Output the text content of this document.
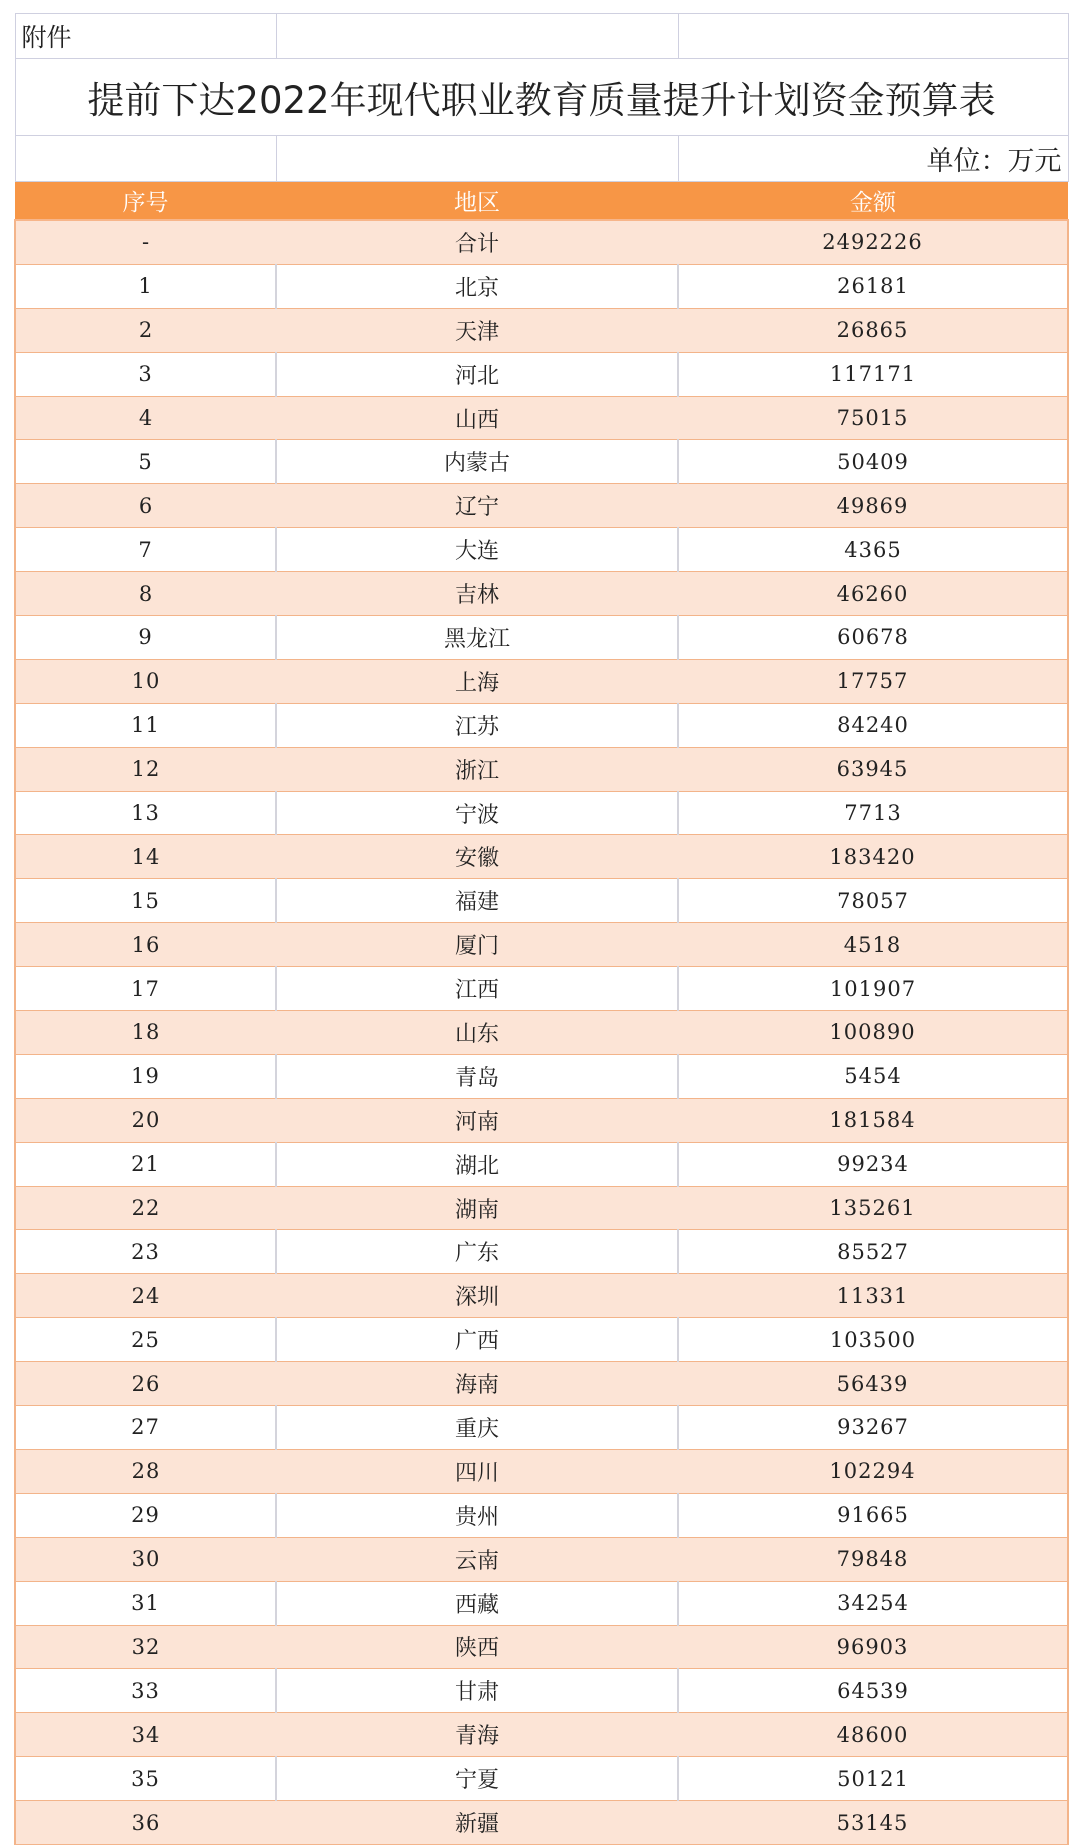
附件		
提前下达2022年现代职业教育质量提升计划资金预算表		
		单位：万元
序号	地区	金额
-	合计	2492226
1	北京	26181
2	天津	26865
3	河北	117171
4	山西	75015
5	内蒙古	50409
6	辽宁	49869
7	大连	4365
8	吉林	46260
9	黑龙江	60678
10	上海	17757
11	江苏	84240
12	浙江	63945
13	宁波	7713
14	安徽	183420
15	福建	78057
16	厦门	4518
17	江西	101907
18	山东	100890
19	青岛	5454
20	河南	181584
21	湖北	99234
22	湖南	135261
23	广东	85527
24	深圳	11331
25	广西	103500
26	海南	56439
27	重庆	93267
28	四川	102294
29	贵州	91665
30	云南	79848
31	西藏	34254
32	陕西	96903
33	甘肃	64539
34	青海	48600
35	宁夏	50121
36	新疆	53145
